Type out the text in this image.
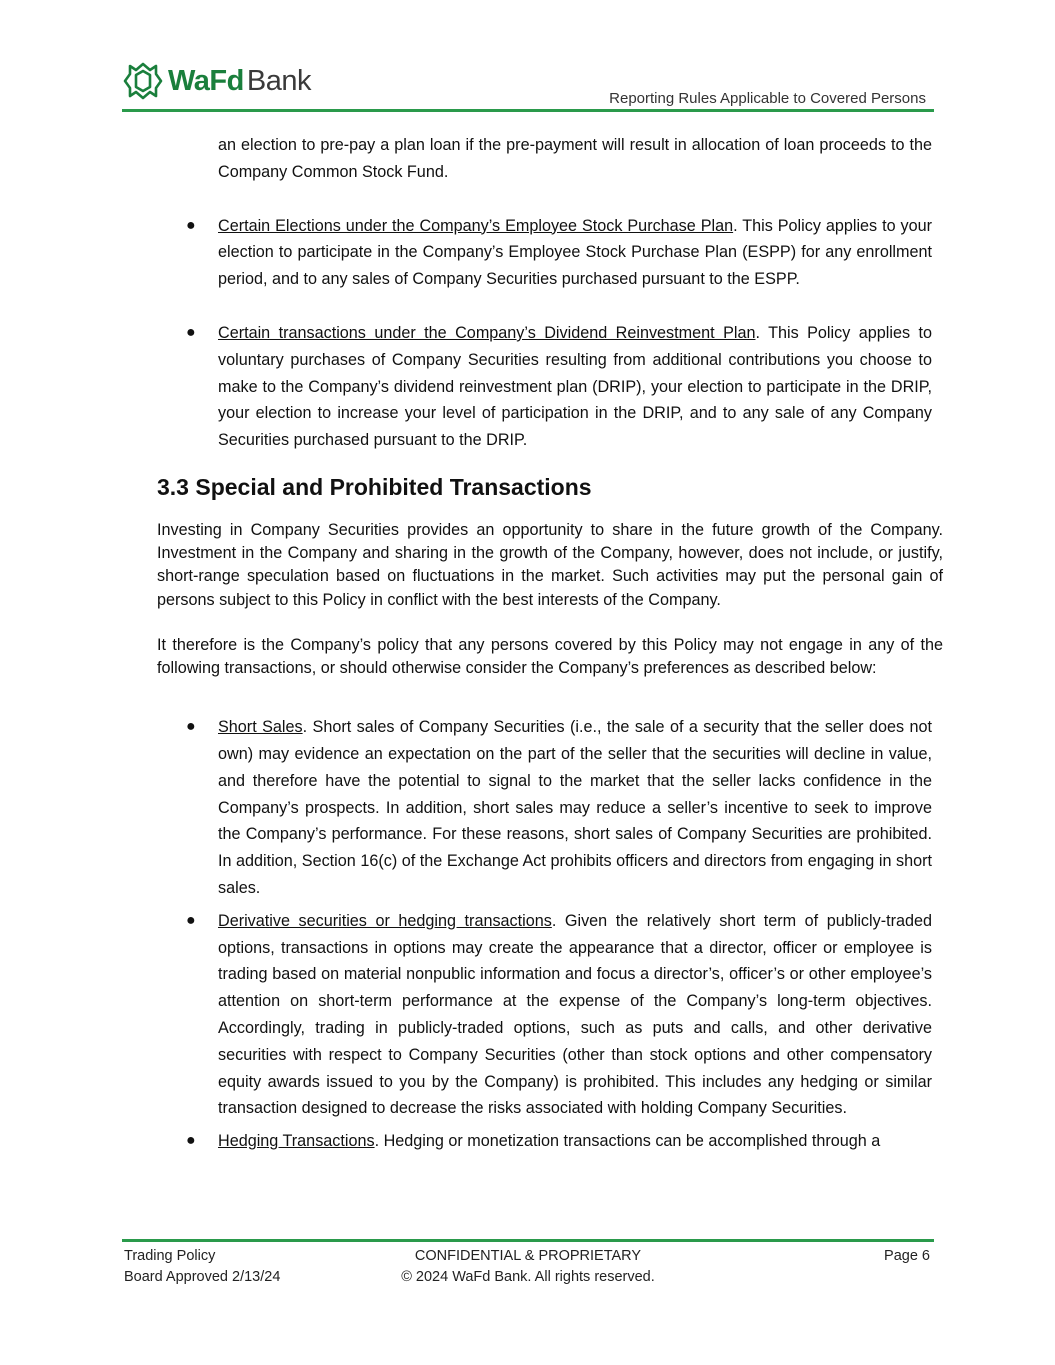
WaFd Bank
Reporting Rules Applicable to Covered Persons

an election to pre-pay a plan loan if the pre-payment will result in allocation of loan proceeds to the Company Common Stock Fund.

● Certain Elections under the Company’s Employee Stock Purchase Plan. This Policy applies to your election to participate in the Company’s Employee Stock Purchase Plan (ESPP) for any enrollment period, and to any sales of Company Securities purchased pursuant to the ESPP.

● Certain transactions under the Company’s Dividend Reinvestment Plan. This Policy applies to voluntary purchases of Company Securities resulting from additional contributions you choose to make to the Company’s dividend reinvestment plan (DRIP), your election to participate in the DRIP, your election to increase your level of participation in the DRIP, and to any sale of any Company Securities purchased pursuant to the DRIP.

3.3 Special and Prohibited Transactions

Investing in Company Securities provides an opportunity to share in the future growth of the Company. Investment in the Company and sharing in the growth of the Company, however, does not include, or justify, short-range speculation based on fluctuations in the market. Such activities may put the personal gain of persons subject to this Policy in conflict with the best interests of the Company.

It therefore is the Company’s policy that any persons covered by this Policy may not engage in any of the following transactions, or should otherwise consider the Company’s preferences as described below:

● Short Sales. Short sales of Company Securities (i.e., the sale of a security that the seller does not own) may evidence an expectation on the part of the seller that the securities will decline in value, and therefore have the potential to signal to the market that the seller lacks confidence in the Company’s prospects. In addition, short sales may reduce a seller’s incentive to seek to improve the Company’s performance. For these reasons, short sales of Company Securities are prohibited. In addition, Section 16(c) of the Exchange Act prohibits officers and directors from engaging in short sales.

● Derivative securities or hedging transactions. Given the relatively short term of publicly-traded options, transactions in options may create the appearance that a director, officer or employee is trading based on material nonpublic information and focus a director’s, officer’s or other employee’s attention on short-term performance at the expense of the Company’s long-term objectives. Accordingly, trading in publicly-traded options, such as puts and calls, and other derivative securities with respect to Company Securities (other than stock options and other compensatory equity awards issued to you by the Company) is prohibited. This includes any hedging or similar transaction designed to decrease the risks associated with holding Company Securities.

● Hedging Transactions. Hedging or monetization transactions can be accomplished through a

Trading Policy	CONFIDENTIAL & PROPRIETARY	Page 6
Board Approved 2/13/24	© 2024 WaFd Bank. All rights reserved.
